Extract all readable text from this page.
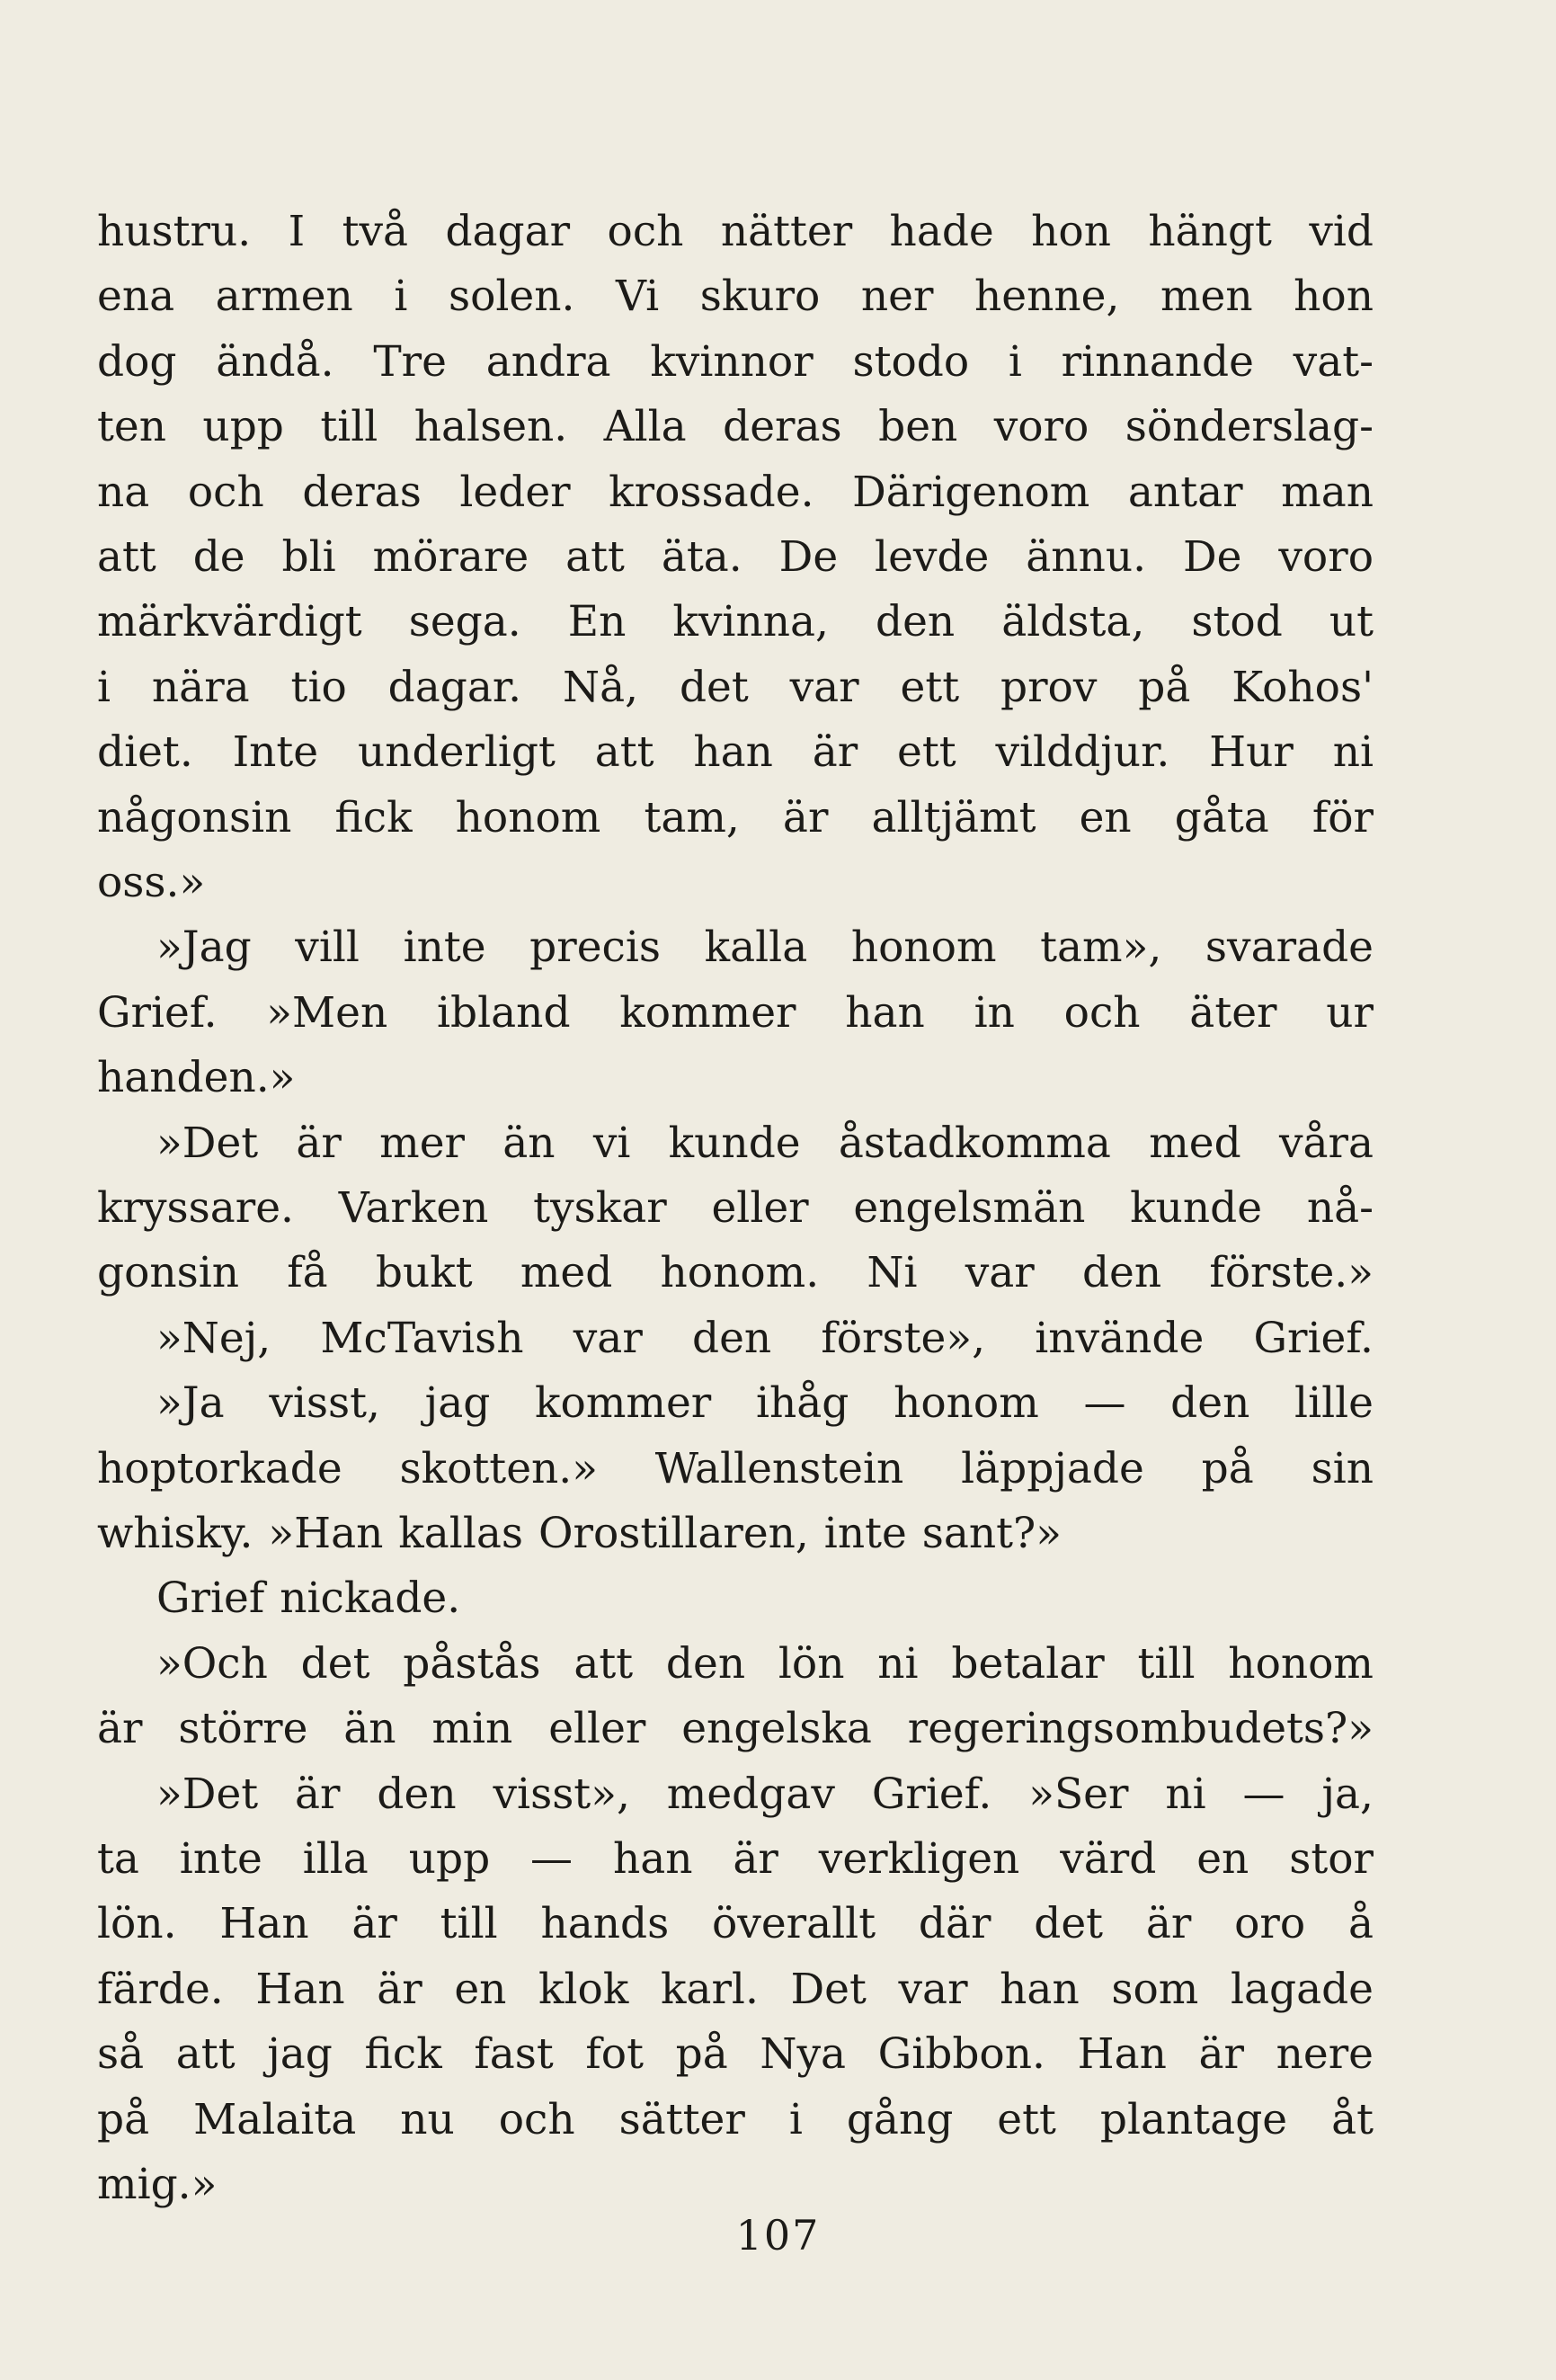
hustru. I två dagar och nätter hade hon hängt vid
ena armen i solen. Vi skuro ner henne, men hon
dog ändå. Tre andra kvinnor stodo i rinnande vat-
ten upp till halsen. Alla deras ben voro sönderslag-
na och deras leder krossade. Därigenom antar man
att de bli mörare att äta. De levde ännu. De voro
märkvärdigt sega. En kvinna, den äldsta, stod ut
i nära tio dagar. Nå, det var ett prov på Kohos'
diet. Inte underligt att han är ett vilddjur. Hur ni
någonsin fick honom tam, är alltjämt en gåta för
oss.»
»Jag vill inte precis kalla honom tam», svarade
Grief. »Men ibland kommer han in och äter ur
handen.»
»Det är mer än vi kunde åstadkomma med våra
kryssare. Varken tyskar eller engelsmän kunde nå-
gonsin få bukt med honom. Ni var den förste.»
»Nej, McTavish var den förste», invände Grief.
»Ja visst, jag kommer ihåg honom — den lille
hoptorkade skotten.» Wallenstein läppjade på sin
whisky. »Han kallas Orostillaren, inte sant?»
Grief nickade.
»Och det påstås att den lön ni betalar till honom
är större än min eller engelska regeringsombudets?»
»Det är den visst», medgav Grief. »Ser ni — ja,
ta inte illa upp — han är verkligen värd en stor
lön. Han är till hands överallt där det är oro å
färde. Han är en klok karl. Det var han som lagade
så att jag fick fast fot på Nya Gibbon. Han är nere
på Malaita nu och sätter i gång ett plantage åt
mig.»
107
